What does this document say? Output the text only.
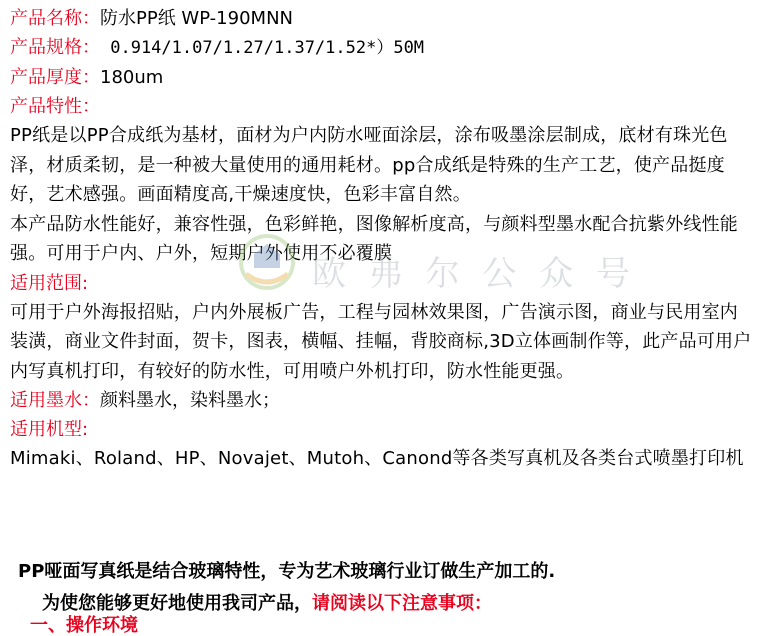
产品名称：防水PP纸 WP-190MNN
产品规格： 0.914/1.07/1.27/1.37/1.52*）50M
产品厚度：180um
产品特性：

PP纸是以PP合成纸为基材，面材为户内防水哑面涂层，涂布吸墨涂层制成，底材有珠光色泽，材质柔韧，是一种被大量使用的通用耗材。pp合成纸是特殊的生产工艺，使产品挺度好，艺术感强。画面精度高,干燥速度快，色彩丰富自然。

本产品防水性能好，兼容性强，色彩鲜艳，图像解析度高，与颜料型墨水配合抗紫外线性能强。可用于户内、户外，短期户外使用不必覆膜

适用范围:

可用于户外海报招贴，户内外展板广告，工程与园林效果图，广告演示图，商业与民用室内装潢，商业文件封面，贺卡，图表，横幅、挂幅，背胶商标,3D立体画制作等，此产品可用户内写真机打印，有较好的防水性，可用喷户外机打印，防水性能更强。

适用墨水：颜料墨水，染料墨水；
适用机型:

Mimaki、Roland、HP、Novajet、Mutoh、Canond等各类写真机及各类台式喷墨打印机

欧 弗 尔 公 众 号
PP哑面写真纸是结合玻璃特性，专为艺术玻璃行业订做生产加工的.
为使您能够更好地使用我司产品，请阅读以下注意事项：
一、操作环境
